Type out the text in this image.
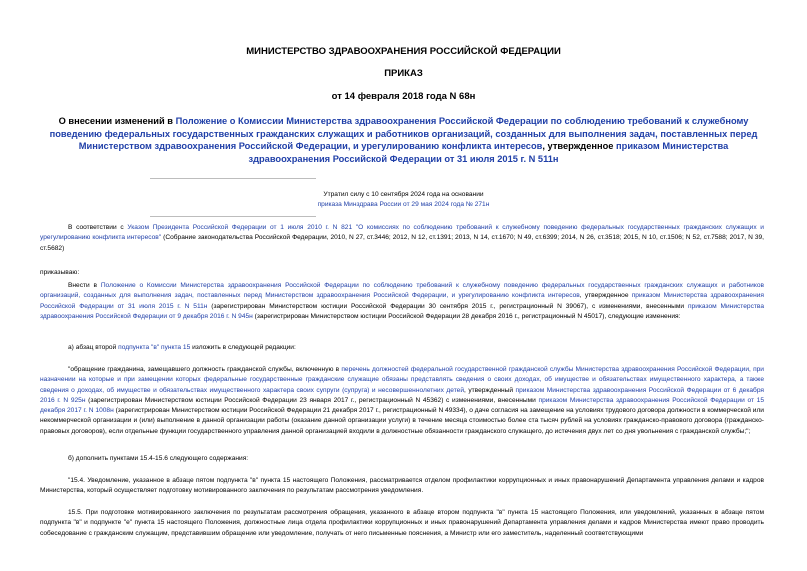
МИНИСТЕРСТВО ЗДРАВООХРАНЕНИЯ РОССИЙСКОЙ ФЕДЕРАЦИИ
ПРИКАЗ
от 14 февраля 2018 года N 68н
О внесении изменений в Положение о Комиссии Министерства здравоохранения Российской Федерации по соблюдению требований к служебному поведению федеральных государственных гражданских служащих и работников организаций, созданных для выполнения задач, поставленных перед Министерством здравоохранения Российской Федерации, и урегулированию конфликта интересов, утвержденное приказом Министерства здравоохранения Российской Федерации от 31 июля 2015 г. N 511н
Утратил силу с 10 сентября 2024 года на основании
приказа Минздрава России от 29 мая 2024 года № 271н
В соответствии с Указом Президента Российской Федерации от 1 июля 2010 г. N 821 "О комиссиях по соблюдению требований к служебному поведению федеральных государственных гражданских служащих и урегулированию конфликта интересов" (Собрание законодательства Российской Федерации, 2010, N 27, ст.3446; 2012, N 12, ст.1391; 2013, N 14, ст.1670; N 49, ст.6399; 2014, N 26, ст.3518; 2015, N 10, ст.1506; N 52, ст.7588; 2017, N 39, ст.5682)
приказываю:
Внести в Положение о Комиссии Министерства здравоохранения Российской Федерации по соблюдению требований к служебному поведению федеральных государственных гражданских служащих и работников организаций, созданных для выполнения задач, поставленных перед Министерством здравоохранения Российской Федерации, и урегулированию конфликта интересов, утвержденное приказом Министерства здравоохранения Российской Федерации от 31 июля 2015 г. N 511н (зарегистрирован Министерством юстиции Российской Федерации 30 сентября 2015 г., регистрационный N 39067), с изменениями, внесенными приказом Министерства здравоохранения Российской Федерации от 9 декабря 2016 г. N 945н (зарегистрирован Министерством юстиции Российской Федерации 28 декабря 2016 г., регистрационный N 45017), следующие изменения:
а) абзац второй подпункта "в" пункта 15 изложить в следующей редакции:
"обращение гражданина, замещавшего должность гражданской службы, включенную в перечень должностей федеральной государственной гражданской службы Министерства здравоохранения Российской Федерации, при назначении на которые и при замещении которых федеральные государственные гражданские служащие обязаны представлять сведения о своих доходах, об имуществе и обязательствах имущественного характера, а также сведения о доходах, об имуществе и обязательствах имущественного характера своих супруги (супруга) и несовершеннолетних детей, утвержденный приказом Министерства здравоохранения Российской Федерации от 6 декабря 2016 г. N 925н (зарегистрирован Министерством юстиции Российской Федерации 23 января 2017 г., регистрационный N 45362) с изменениями, внесенными приказом Министерства здравоохранения Российской Федерации от 15 декабря 2017 г. N 1008н (зарегистрирован Министерством юстиции Российской Федерации 21 декабря 2017 г., регистрационный N 49334), о даче согласия на замещение на условиях трудового договора должности в коммерческой или некоммерческой организации и (или) выполнение в данной организации работы (оказание данной организации услуги) в течение месяца стоимостью более ста тысяч рублей на условиях гражданско-правового договора (гражданско-правовых договоров), если отдельные функции государственного управления данной организацией входили в должностные обязанности гражданского служащего, до истечения двух лет со дня увольнения с гражданской службы;";
б) дополнить пунктами 15.4-15.6 следующего содержания:
"15.4. Уведомление, указанное в абзаце пятом подпункта "в" пункта 15 настоящего Положения, рассматривается отделом профилактики коррупционных и иных правонарушений Департамента управления делами и кадров Министерства, который осуществляет подготовку мотивированного заключения по результатам рассмотрения уведомления.
15.5. При подготовке мотивированного заключения по результатам рассмотрения обращения, указанного в абзаце втором подпункта "в" пункта 15 настоящего Положения, или уведомлений, указанных в абзаце пятом подпункта "в" и подпункте "е" пункта 15 настоящего Положения, должностные лица отдела профилактики коррупционных и иных правонарушений Департамента управления делами и кадров Министерства имеют право проводить собеседование с гражданским служащим, представившим обращение или уведомление, получать от него письменные пояснения, а Министр или его заместитель, наделенный соответствующими
